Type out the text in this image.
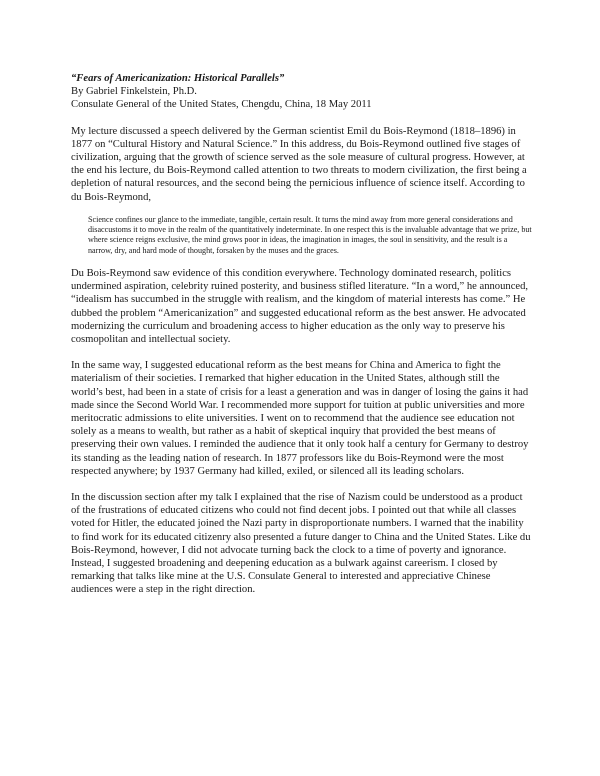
“Fears of Americanization: Historical Parallels”

By Gabriel Finkelstein, Ph.D.

Consulate General of the United States, Chengdu, China, 18 May 2011

My lecture discussed a speech delivered by the German scientist Emil du Bois-Reymond (1818–1896) in 1877 on “Cultural History and Natural Science.” In this address, du Bois-Reymond outlined five stages of civilization, arguing that the growth of science served as the sole measure of cultural progress. However, at the end his lecture, du Bois-Reymond called attention to two threats to modern civilization, the first being a depletion of natural resources, and the second being the pernicious influence of science itself. According to du Bois-Reymond,

Science confines our glance to the immediate, tangible, certain result. It turns the mind away from more general considerations and disaccustoms it to move in the realm of the quantitatively indeterminate. In one respect this is the invaluable advantage that we prize, but where science reigns exclusive, the mind grows poor in ideas, the imagination in images, the soul in sensitivity, and the result is a narrow, dry, and hard mode of thought, forsaken by the muses and the graces.

Du Bois-Reymond saw evidence of this condition everywhere. Technology dominated research, politics undermined aspiration, celebrity ruined posterity, and business stifled literature. “In a word,” he announced, “idealism has succumbed in the struggle with realism, and the kingdom of material interests has come.” He dubbed the problem “Americanization” and suggested educational reform as the best answer. He advocated modernizing the curriculum and broadening access to higher education as the only way to preserve his cosmopolitan and intellectual society.

In the same way, I suggested educational reform as the best means for China and America to fight the materialism of their societies. I remarked that higher education in the United States, although still the world’s best, had been in a state of crisis for a least a generation and was in danger of losing the gains it had made since the Second World War. I recommended more support for tuition at public universities and more meritocratic admissions to elite universities. I went on to recommend that the audience see education not solely as a means to wealth, but rather as a habit of skeptical inquiry that provided the best means of preserving their own values. I reminded the audience that it only took half a century for Germany to destroy its standing as the leading nation of research. In 1877 professors like du Bois-Reymond were the most respected anywhere; by 1937 Germany had killed, exiled, or silenced all its leading scholars.

In the discussion section after my talk I explained that the rise of Nazism could be understood as a product of the frustrations of educated citizens who could not find decent jobs. I pointed out that while all classes voted for Hitler, the educated joined the Nazi party in disproportionate numbers. I warned that the inability to find work for its educated citizenry also presented a future danger to China and the United States. Like du Bois-Reymond, however, I did not advocate turning back the clock to a time of poverty and ignorance. Instead, I suggested broadening and deepening education as a bulwark against careerism. I closed by remarking that talks like mine at the U.S. Consulate General to interested and appreciative Chinese audiences were a step in the right direction.
